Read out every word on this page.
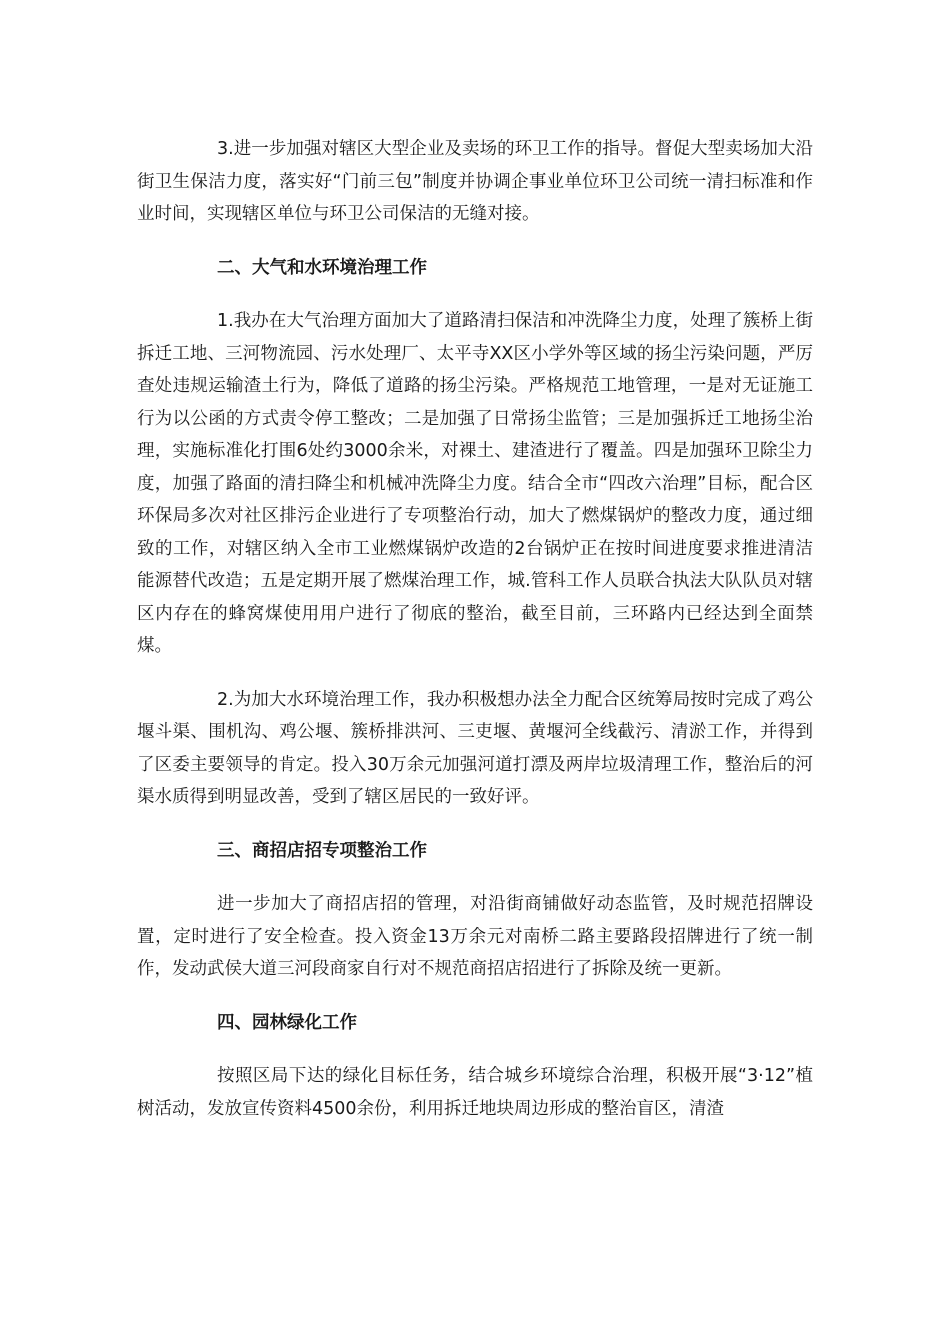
3.进一步加强对辖区大型企业及卖场的环卫工作的指导。督促大型卖场加大沿街卫生保洁力度，落实好“门前三包”制度并协调企事业单位环卫公司统一清扫标准和作业时间，实现辖区单位与环卫公司保洁的无缝对接。

二、大气和水环境治理工作

1.我办在大气治理方面加大了道路清扫保洁和冲洗降尘力度，处理了簇桥上街拆迁工地、三河物流园、污水处理厂、太平寺XX区小学外等区域的扬尘污染问题，严厉查处违规运输渣土行为，降低了道路的扬尘污染。严格规范工地管理，一是对无证施工行为以公函的方式责令停工整改；二是加强了日常扬尘监管；三是加强拆迁工地扬尘治理，实施标准化打围6处约3000余米，对裸土、建渣进行了覆盖。四是加强环卫除尘力度，加强了路面的清扫降尘和机械冲洗降尘力度。结合全市“四改六治理”目标，配合区环保局多次对社区排污企业进行了专项整治行动，加大了燃煤锅炉的整改力度，通过细致的工作，对辖区纳入全市工业燃煤锅炉改造的2台锅炉正在按时间进度要求推进清洁能源替代改造；五是定期开展了燃煤治理工作，城.管科工作人员联合执法大队队员对辖区内存在的蜂窝煤使用用户进行了彻底的整治，截至目前，三环路内已经达到全面禁煤。

2.为加大水环境治理工作，我办积极想办法全力配合区统筹局按时完成了鸡公堰斗渠、围机沟、鸡公堰、簇桥排洪河、三吏堰、黄堰河全线截污、清淤工作，并得到了区委主要领导的肯定。投入30万余元加强河道打漂及两岸垃圾清理工作，整治后的河渠水质得到明显改善，受到了辖区居民的一致好评。

三、商招店招专项整治工作

进一步加大了商招店招的管理，对沿街商铺做好动态监管，及时规范招牌设置，定时进行了安全检查。投入资金13万余元对南桥二路主要路段招牌进行了统一制作，发动武侯大道三河段商家自行对不规范商招店招进行了拆除及统一更新。

四、园林绿化工作

按照区局下达的绿化目标任务，结合城乡环境综合治理，积极开展“3·12”植树活动，发放宣传资料4500余份，利用拆迁地块周边形成的整治盲区，清渣
